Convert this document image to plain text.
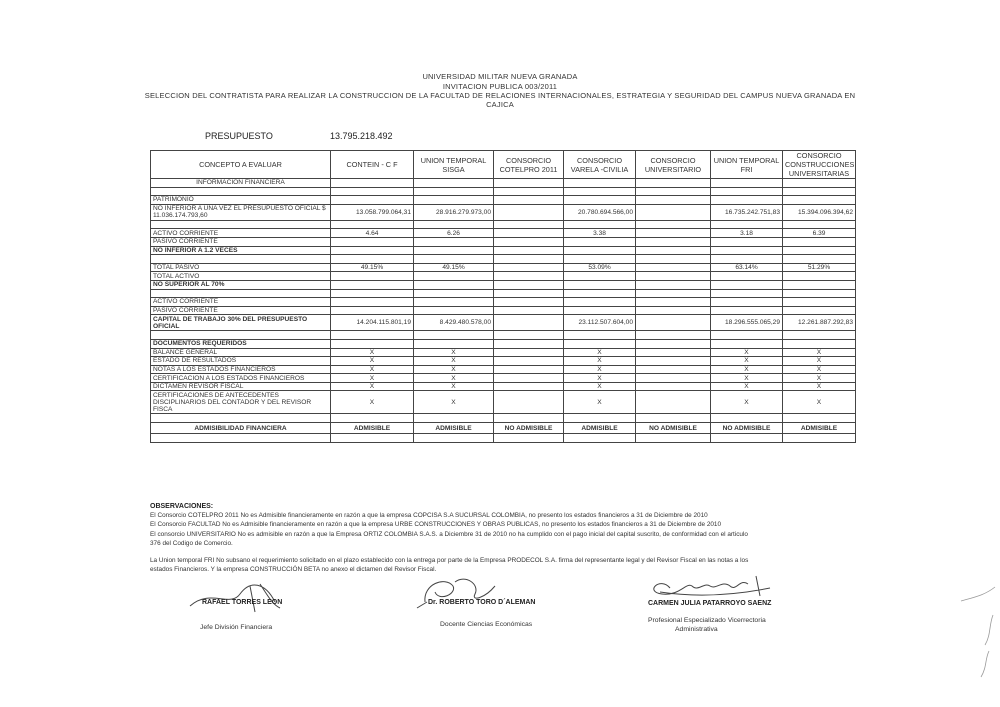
UNIVERSIDAD MILITAR NUEVA GRANADA
INVITACION PUBLICA 003/2011
SELECCION DEL CONTRATISTA PARA REALIZAR LA CONSTRUCCION DE LA FACULTAD DE RELACIONES INTERNACIONALES, ESTRATEGIA Y SEGURIDAD DEL CAMPUS NUEVA GRANADA EN
CAJICA
PRESUPUESTO	13.795.218.492
CONCEPTO A EVALUAR	CONTEIN - C F	UNION TEMPORAL SISGA	CONSORCIO COTELPRO 2011	CONSORCIO VARELA -CIVILIA	CONSORCIO UNIVERSITARIO	UNION TEMPORAL FRI	CONSORCIO CONSTRUCCIONES UNIVERSITARIAS
INFORMACION FINANCIERA							

PATRIMONIO							
NO INFERIOR A UNA VEZ EL PRESUPUESTO OFICIAL $ 11.036.174.793,60	13.058.799.064,31	28.916.279.973,00		20.780.694.566,00		16.735.242.751,83	15.394.096.394,62

ACTIVO CORRIENTE	4.64	6.26		3.38		3.18	6.39
PASIVO CORRIENTE							
NO INFERIOR A 1.2 VECES							

TOTAL PASIVO	49.15%	49.15%		53.09%		63.14%	51.29%
TOTAL ACTIVO							
NO SUPERIOR AL 70%							

ACTIVO CORRIENTE							
PASIVO CORRIENTE							
CAPITAL DE TRABAJO 30% DEL PRESUPUESTO OFICIAL	14.204.115.801,19	8.429.480.578,00		23.112.507.604,00		18.296.555.065,29	12.261.887.292,83

DOCUMENTOS REQUERIDOS							
BALANCE GENERAL	X	X		X		X	X
ESTADO DE RESULTADOS	X	X		X		X	X
NOTAS A LOS ESTADOS FINANCIEROS	X	X		X		X	X
CERTIFICACION A LOS ESTADOS FINANCIEROS	X	X		X		X	X
DICTAMEN REVISOR FISCAL	X	X		X		X	X
CERTIFICACIONES DE ANTECEDENTES DISCIPLINARIOS DEL CONTADOR Y DEL REVISOR FISCA	X	X		X		X	X

ADMISIBILIDAD FINANCIERA	ADMISIBLE	ADMISIBLE	NO ADMISIBLE	ADMISIBLE	NO ADMISIBLE	NO ADMISIBLE	ADMISIBLE

OBSERVACIONES:
El Consorcio COTELPRO 2011 No es Admisible financieramente en razón a que la empresa COPCISA S.A SUCURSAL COLOMBIA, no presento los estados financieros a 31 de Diciembre de 2010
El Consorcio FACULTAD No es Admisible financieramente en razón a que la empresa URBE CONSTRUCCIONES Y OBRAS PUBLICAS, no presento los estados financieros a 31 de Diciembre de 2010
El consorcio UNIVERSITARIO No es admisible en razón a que la Empresa ORTIZ COLOMBIA S.A.S. a Diciembre 31 de 2010 no ha cumplido con el pago inicial del capital suscrito, de conformidad con el articulo
376 del Codigo de Comercio.
La Union temporal FRI No subsano el requerimiento solicitado en el plazo establecido con la entrega por parte de la Empresa PRODECOL S.A. firma del representante legal y del Revisor Fiscal en las notas a los
estados Financieros. Y la empresa CONSTRUCCIÓN BETA no anexo el dictamen del Revisor Fiscal.
RAFAEL TORRES LEON
Jefe División Financiera
Dr. ROBERTO TORO D´ALEMAN
Docente Ciencias Económicas
CARMEN JULIA PATARROYO SAENZ
Profesional Especializado Vicerrectoria
Administrativa
